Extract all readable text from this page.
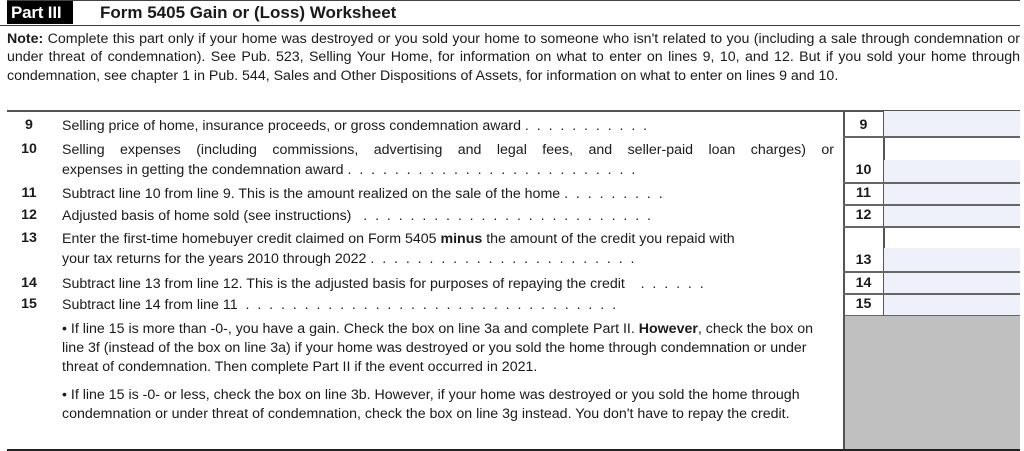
Part III	Form 5405 Gain or (Loss) Worksheet
Note: Complete this part only if your home was destroyed or you sold your home to someone who isn't related to you (including a sale through condemnation or under threat of condemnation). See Pub. 523, Selling Your Home, for information on what to enter on lines 9, 10, and 12. But if you sold your home through condemnation, see chapter 1 in Pub. 544, Sales and Other Dispositions of Assets, for information on what to enter on lines 9 and 10.
9	Selling price of home, insurance proceeds, or gross condemnation award .  .  .  .  .  .  .  .  .  .  .	9
10	Selling expenses (including commissions, advertising and legal fees, and seller-paid loan charges) or
expenses in getting the condemnation award .  .  .  .  .  .  .  .  .  .  .  .  .  .  .  .  .  .  .  .  .  .  .  .  .	10
11	Subtract line 10 from line 9. This is the amount realized on the sale of the home .  .  .  .  .  .  .  .  .	11
12	Adjusted basis of home sold (see instructions)   .  .  .  .  .  .  .  .  .  .  .  .  .  .  .  .  .  .  .  .  .  .  .  .  .	12
13	Enter the first-time homebuyer credit claimed on Form 5405 minus the amount of the credit you repaid with
your tax returns for the years 2010 through 2022 .  .  .  .  .  .  .  .  .  .  .  .  .  .  .  .  .  .  .  .  .  .  .	13
14	Subtract line 13 from line 12. This is the adjusted basis for purposes of repaying the credit    .  .  .  .  .  .	14
15	Subtract line 14 from line 11  .  .  .  .  .  .  .  .  .  .  .  .  .  .  .  .  .  .  .  .  .  .  .  .  .  .  .  .  .  .  .  .	15
• If line 15 is more than -0-, you have a gain. Check the box on line 3a and complete Part II. However, check the box on line 3f (instead of the box on line 3a) if your home was destroyed or you sold the home through condemnation or under threat of condemnation. Then complete Part II if the event occurred in 2021.
• If line 15 is -0- or less, check the box on line 3b. However, if your home was destroyed or you sold the home through condemnation or under threat of condemnation, check the box on line 3g instead. You don't have to repay the credit.
